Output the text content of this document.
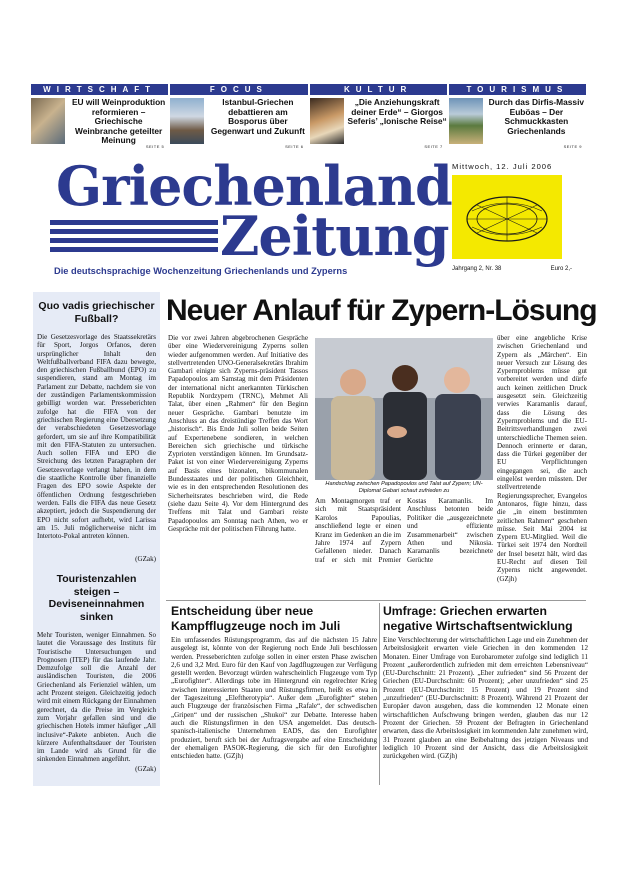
WIRTSCHAFT
EU will Weinproduktion reformieren – Griechische Weinbranche geteilter Meinung
SEITE 5
FOCUS
Istanbul-Griechen debattieren am Bosporus über Gegenwart und Zukunft
SEITE 6
KULTUR
„Die Anziehungskraft deiner Erde“ – Giorgos Seferis’ „Ionische Reise“
SEITE 7
TOURISMUS
Durch das Dirfis-Massiv Euböas – Der Schmuckkasten Griechenlands
SEITE 9
Griechenland
Zeitung
Die deutschsprachige Wochenzeitung Griechenlands und Zyperns
Mittwoch, 12. Juli 2006
Jahrgang 2, Nr. 38	Euro 2,-
Quo vadis griechischer Fußball?
Die Gesetzesvorlage des Staatssekretärs für Sport, Jorgos Orfanos, deren ursprünglicher Inhalt den Weltfußballverband FIFA dazu bewegte, den griechischen Fußballbund (EPO) zu suspendieren, stand am Montag im Parlament zur Debatte, nachdem sie von der zuständigen Parlamentskommission gebilligt worden war. Presseberichten zufolge hat die FIFA von der griechischen Regierung eine Übersetzung der verabschiedeten Gesetzesvorlage gefordert, um sie auf ihre Kompatibilität mit den FIFA-Statuten zu untersuchen. Auch sollen FIFA und EPO die Streichung des letzten Paragraphen der Gesetzesvorlage verlangt haben, in dem die staatliche Kontrolle über finanzielle Fragen des EPO sowie Aspekte der öffentlichen Ordnung festgeschrieben werden. Falls die FIFA das neue Gesetz akzeptiert, jedoch die Suspendierung der EPO nicht sofort aufhebt, wird Larissa am 15. Juli möglicherweise nicht im Intertoto-Pokal antreten können.
(GZak)
Touristenzahlen steigen – Deviseneinnahmen sinken
Mehr Touristen, weniger Einnahmen. So lautet die Voraussage des Instituts für Touristische Untersuchungen und Prognosen (ITEP) für das laufende Jahr. Demzufolge soll die Anzahl der ausländischen Touristen, die 2006 Griechenland als Ferienziel wählen, um acht Prozent steigen. Gleichzeitig jedoch wird mit einem Rückgang der Einnahmen gerechnet, da die Preise im Vergleich zum Vorjahr gefallen sind und die griechischen Hotels immer häufiger „All inclusive“-Pakete anbieten. Auch die kürzere Aufenthaltsdauer der Touristen im Lande wird als Grund für die sinkenden Einnahmen angeführt.
(GZak)
Neuer Anlauf für Zypern-Lösung
Die vor zwei Jahren abgebrochenen Gespräche über eine Wiedervereinigung Zyperns sollen wieder aufgenommen werden. Auf Initiative des stellvertretenden UNO-Generalsekretärs Ibrahim Gambari einigte sich Zyperns-präsident Tassos Papadopoulos am Samstag mit dem Präsidenten der international nicht anerkannten Türkischen Republik Nordzypern (TRNC), Mehmet Ali Talat, über einen „Rahmen“ für den Beginn neuer Gespräche. Gambari benutzte im Anschluss an das dreistündige Treffen das Wort „historisch“. Bis Ende Juli sollen beide Seiten auf Expertenebene sondieren, in welchen Bereichen sich griechische und türkische Zyprioten verständigen können. Im Grundsatz-Paket ist von einer Wiedervereinigung Zyperns auf Basis eines bizonalen, bikommunalen Bundesstaates und der politischen Gleichheit, wie es in den entsprechenden Resolutionen des Sicherheitsrates beschrieben wird, die Rede (siehe dazu Seite 4). Vor dem Hintergrund des Treffens mit Talat und Gambari reiste Papadopoulos am Sonntag nach Athen, wo er Gespräche mit der politischen Führung hatte.
Handschlag zwischen Papadopoulos und Talat auf Zypern; UN-Diplomat Gabari schaut zufrieden zu
Am Montagmorgen traf er sich mit Staatspräsident Karolos Papoulias, anschließend legte er einen Kranz im Gedenken an die im Jahre 1974 auf Zypern Gefallenen nieder. Danach traf er sich mit Premier Kostas Karamanlis. Im Anschluss betonten beide Politiker die „ausgezeichnete und effiziente Zusammenarbeit“ zwischen Athen und Nikosia. Karamanlis bezeichnete Gerüchte
über eine angebliche Krise zwischen Griechenland und Zypern als „Märchen“. Ein neuer Versuch zur Lösung des Zypernproblems müsse gut vorbereitet werden und dürfe auch keinen zeitlichen Druck ausgesetzt sein. Gleichzeitig verwies Karamanlis darauf, dass die Lösung des Zypernproblems und die EU-Beitrittsverhandlungen zwei unterschiedliche Themen seien. Dennoch erinnerte er daran, dass die Türkei gegenüber der EU Verpflichtungen eingegangen sei, die auch eingelöst werden müssten. Der stellvertretende Regierungssprecher, Evangelos Antonaros, fügte hinzu, dass die „in einem bestimmten zeitlichen Rahmen“ geschehen müsse. Seit Mai 2004 ist Zypern EU-Mitglied. Weil die Türkei seit 1974 den Nordteil der Insel besetzt hält, wird das EU-Recht auf diesen Teil Zyperns nicht angewendet. (GZjh)
Entscheidung über neue Kampfflugzeuge noch im Juli
Ein umfassendes Rüstungsprogramm, das auf die nächsten 15 Jahre ausgelegt ist, könnte von der Regierung noch Ende Juli beschlossen werden. Presseberichten zufolge sollen in einer ersten Phase zwischen 2,6 und 3,2 Mrd. Euro für den Kauf von Jagdflugzeugen zur Verfügung gestellt werden. Bevorzugt würden wahrscheinlich Flugzeuge vom Typ „Eurofighter“. Allerdings tobe im Hintergrund ein regelrechter Krieg zwischen interessierten Staaten und Rüstungsfirmen, heißt es etwa in der Tageszeitung „Eleftherotypia“. Außer dem „Eurofighter“ stehen auch Flugzeuge der französischen Firma „Rafale“, der schwedischen „Gripen“ und der russischen „Shukoi“ zur Debatte. Interesse haben auch die Rüstungsfirmen in den USA angemeldet. Das deutsch-spanisch-italienische Unternehmen EADS, das den Eurofighter produziert, beruft sich bei der Auftragsvergabe auf eine Entscheidung der ehemaligen PASOK-Regierung, die sich für den Eurofighter entschieden hatte. (GZjh)
Umfrage: Griechen erwarten negative Wirtschaftsentwicklung
Eine Verschlechterung der wirtschaftlichen Lage und ein Zunehmen der Arbeitslosigkeit erwarten viele Griechen in den kommenden 12 Monaten. Einer Umfrage von Eurobarometer zufolge sind lediglich 11 Prozent „außerordentlich zufrieden mit dem erreichten Lebensniveau“ (EU-Durchschnitt: 21 Prozent). „Eher zufrieden“ sind 56 Prozent der Griechen (EU-Durchschnitt: 60 Prozent); „eher unzufrieden“ sind 25 Prozent (EU-Durchschnitt: 15 Prozent) und 19 Prozent sind „unzufrieden“ (EU-Durchschnitt: 8 Prozent). Während 21 Prozent der Europäer davon ausgehen, dass die kommenden 12 Monate einen wirtschaftlichen Aufschwung bringen werden, glauben das nur 12 Prozent der Griechen. 59 Prozent der Befragten in Griechenland erwarten, dass die Arbeitslosigkeit im kommenden Jahr zunehmen wird, 31 Prozent glauben an eine Beibehaltung des jetzigen Niveaus und lediglich 10 Prozent sind der Ansicht, dass die Arbeitslosigkeit zurückgehen wird. (GZjh)
